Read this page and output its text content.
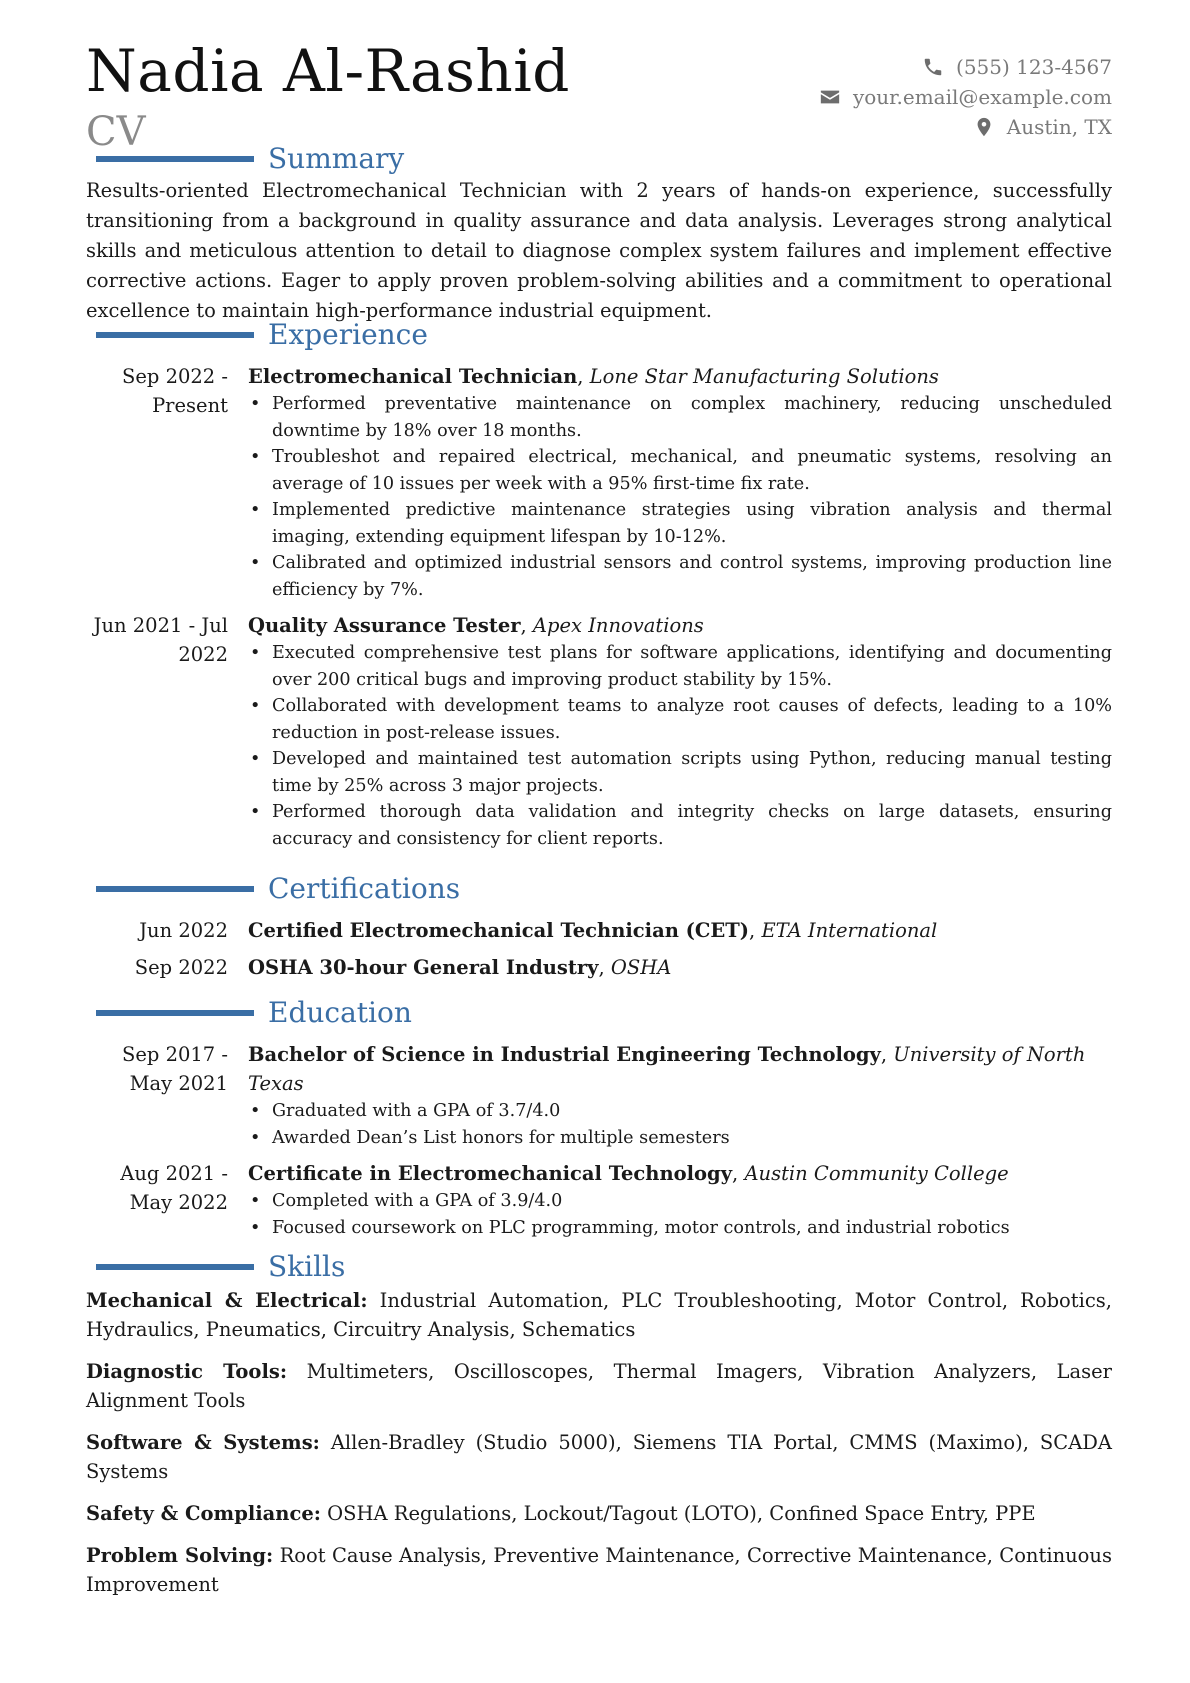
Nadia Al-Rashid
CV
(555) 123-4567
your.email@example.com
Austin, TX
Summary
Results-oriented Electromechanical Technician with 2 years of hands-on experience, successfully transitioning from a background in quality assurance and data analysis. Leverages strong analytical skills and meticulous attention to detail to diagnose complex system failures and implement effective corrective actions. Eager to apply proven problem-solving abilities and a commitment to operational excellence to maintain high-performance industrial equipment.
Experience
Sep 2022 - Present
Electromechanical Technician, Lone Star Manufacturing Solutions
• Performed preventative maintenance on complex machinery, reducing unscheduled downtime by 18% over 18 months.
• Troubleshot and repaired electrical, mechanical, and pneumatic systems, resolving an average of 10 issues per week with a 95% first-time fix rate.
• Implemented predictive maintenance strategies using vibration analysis and thermal imaging, extending equipment lifespan by 10-12%.
• Calibrated and optimized industrial sensors and control systems, improving production line efficiency by 7%.
Jun 2021 - Jul 2022
Quality Assurance Tester, Apex Innovations
• Executed comprehensive test plans for software applications, identifying and documenting over 200 critical bugs and improving product stability by 15%.
• Collaborated with development teams to analyze root causes of defects, leading to a 10% reduction in post-release issues.
• Developed and maintained test automation scripts using Python, reducing manual testing time by 25% across 3 major projects.
• Performed thorough data validation and integrity checks on large datasets, ensuring accuracy and consistency for client reports.
Certifications
Jun 2022	Certified Electromechanical Technician (CET), ETA International
Sep 2022	OSHA 30-hour General Industry, OSHA
Education
Sep 2017 - May 2021
Bachelor of Science in Industrial Engineering Technology, University of North Texas
• Graduated with a GPA of 3.7/4.0
• Awarded Dean’s List honors for multiple semesters
Aug 2021 - May 2022
Certificate in Electromechanical Technology, Austin Community College
• Completed with a GPA of 3.9/4.0
• Focused coursework on PLC programming, motor controls, and industrial robotics
Skills
Mechanical & Electrical: Industrial Automation, PLC Troubleshooting, Motor Control, Robotics, Hydraulics, Pneumatics, Circuitry Analysis, Schematics
Diagnostic Tools: Multimeters, Oscilloscopes, Thermal Imagers, Vibration Analyzers, Laser Alignment Tools
Software & Systems: Allen-Bradley (Studio 5000), Siemens TIA Portal, CMMS (Maximo), SCADA Systems
Safety & Compliance: OSHA Regulations, Lockout/Tagout (LOTO), Confined Space Entry, PPE
Problem Solving: Root Cause Analysis, Preventive Maintenance, Corrective Maintenance, Continuous Improvement
